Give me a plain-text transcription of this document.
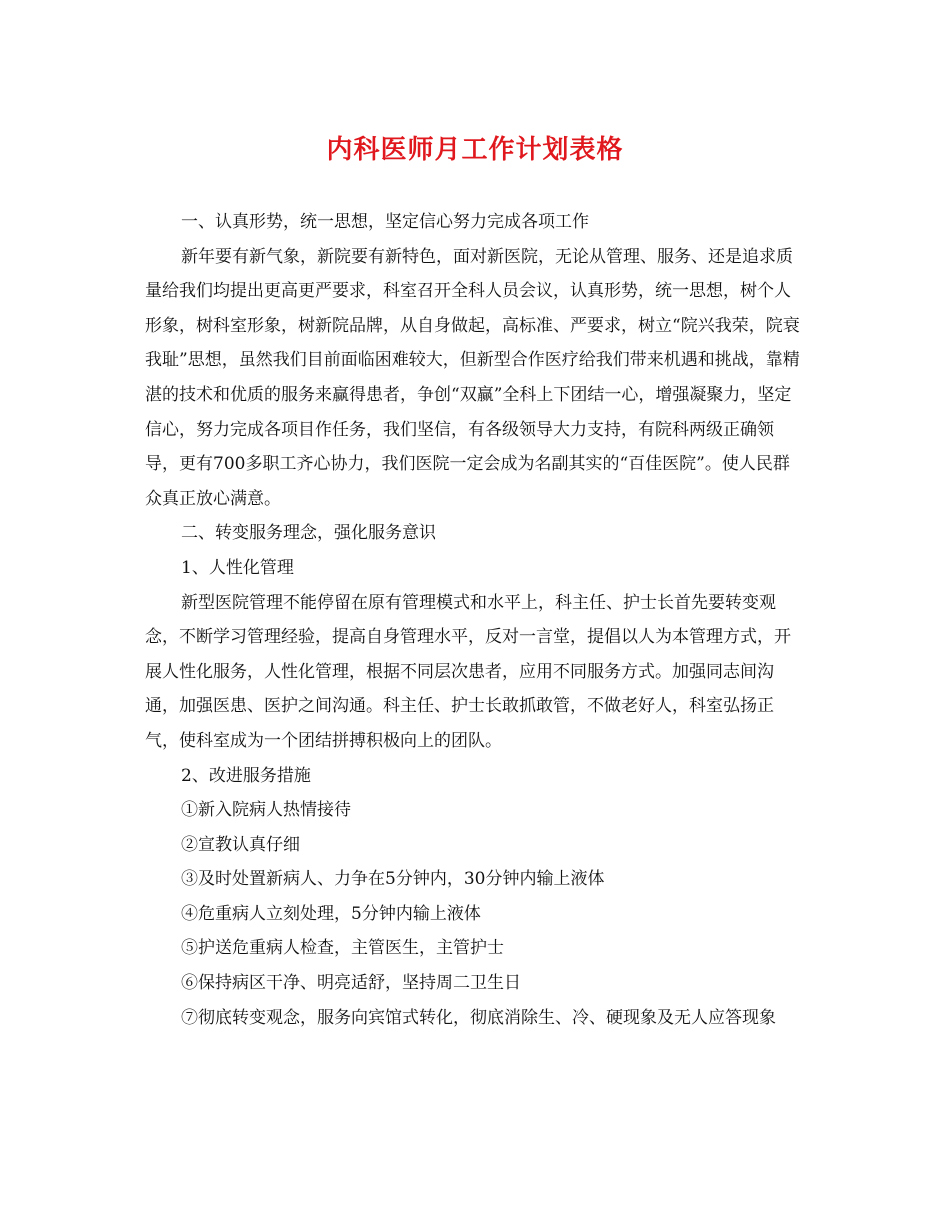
内科医师月工作计划表格

一、认真形势，统一思想，坚定信心努力完成各项工作

新年要有新气象，新院要有新特色，面对新医院，无论从管理、服务、还是追求质量给我们均提出更高更严要求，科室召开全科人员会议，认真形势，统一思想，树个人形象，树科室形象，树新院品牌，从自身做起，高标准、严要求，树立“院兴我荣，院衰我耻”思想，虽然我们目前面临困难较大，但新型合作医疗给我们带来机遇和挑战，靠精湛的技术和优质的服务来赢得患者，争创“双赢”全科上下团结一心，增强凝聚力，坚定信心，努力完成各项目作任务，我们坚信，有各级领导大力支持，有院科两级正确领导，更有700多职工齐心协力，我们医院一定会成为名副其实的“百佳医院”。使人民群众真正放心满意。

二、转变服务理念，强化服务意识

1、人性化管理

新型医院管理不能停留在原有管理模式和水平上，科主任、护士长首先要转变观念，不断学习管理经验，提高自身管理水平，反对一言堂，提倡以人为本管理方式，开展人性化服务，人性化管理，根据不同层次患者，应用不同服务方式。加强同志间沟通，加强医患、医护之间沟通。科主任、护士长敢抓敢管，不做老好人，科室弘扬正气，使科室成为一个团结拼搏积极向上的团队。

2、改进服务措施

①新入院病人热情接待

②宣教认真仔细

③及时处置新病人、力争在5分钟内，30分钟内输上液体

④危重病人立刻处理，5分钟内输上液体

⑤护送危重病人检查，主管医生，主管护士

⑥保持病区干净、明亮适舒，坚持周二卫生日

⑦彻底转变观念，服务向宾馆式转化，彻底消除生、冷、硬现象及无人应答现象
